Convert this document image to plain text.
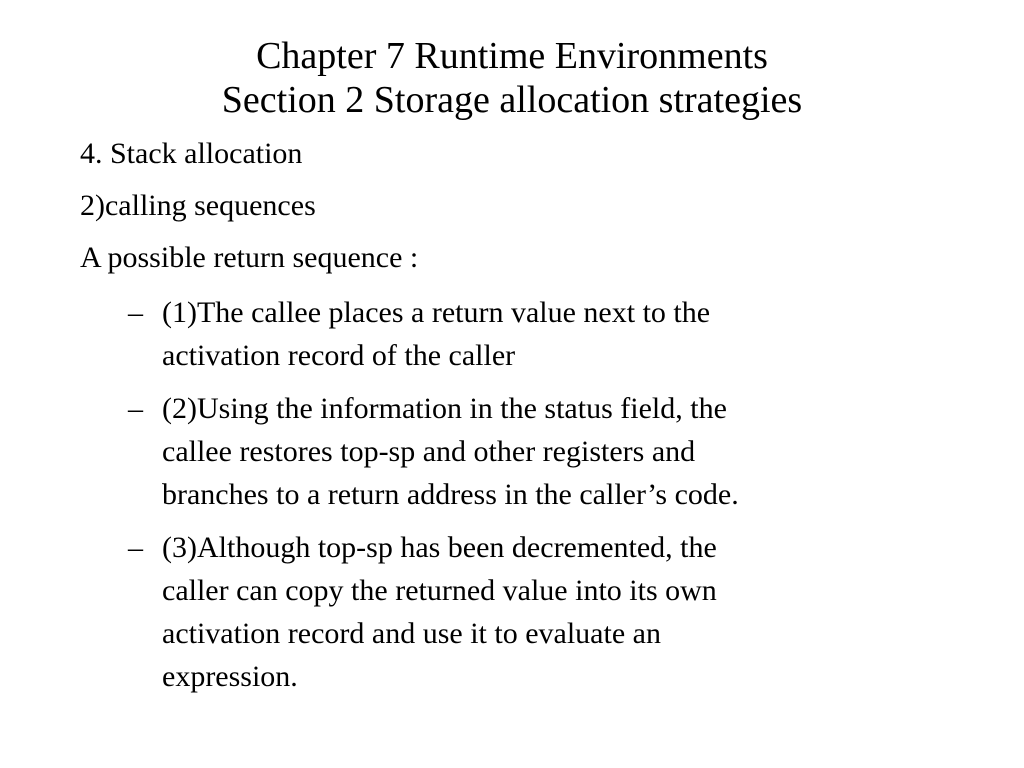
Chapter 7 Runtime Environments
Section 2 Storage allocation strategies
4. Stack allocation
2)calling sequences
A possible return sequence :
– (1)The callee places a return value next to the
activation record of the caller
– (2)Using the information in the status field, the
callee restores top-sp and other registers and
branches to a return address in the caller’s code.
– (3)Although top-sp has been decremented, the
caller can copy the returned value into its own
activation record and use it to evaluate an
expression.
